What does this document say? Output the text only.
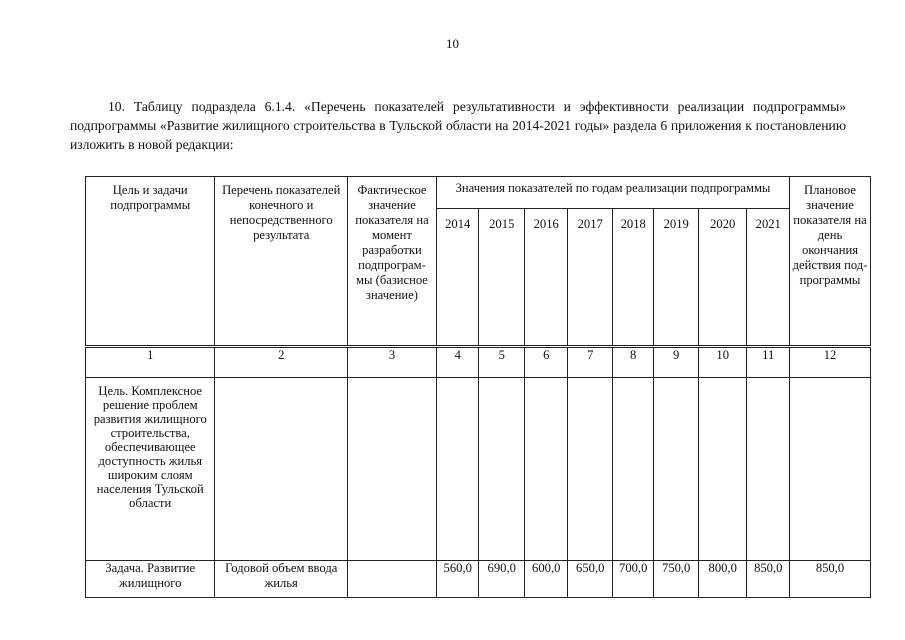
10

10. Таблицу подраздела 6.1.4. «Перечень показателей результативности и эффективности реализации подпрограммы» подпрограммы «Развитие жилищного строительства в Тульской области на 2014-2021 годы» раздела 6 приложения к постановлению изложить в новой редакции:

Цель и задачи подпрограммы	Перечень показателей конечного и непосредственного результата	Фактическое значение показателя на момент разработки подпрограм-мы (базисное значение)	Значения показателей по годам реализации подпрограммы								Плановое значение показателя на день окончания действия под-программы
			2014	2015	2016	2017	2018	2019	2020	2021	
1	2	3	4	5	6	7	8	9	10	11	12
Цель. Комплексное решение проблем развития жилищного строительства, обеспечивающее доступность жилья широким слоям населения Тульской области											
Задача. Развитие жилищного	Годовой объем ввода жилья		560,0	690,0	600,0	650,0	700,0	750,0	800,0	850,0	850,0
